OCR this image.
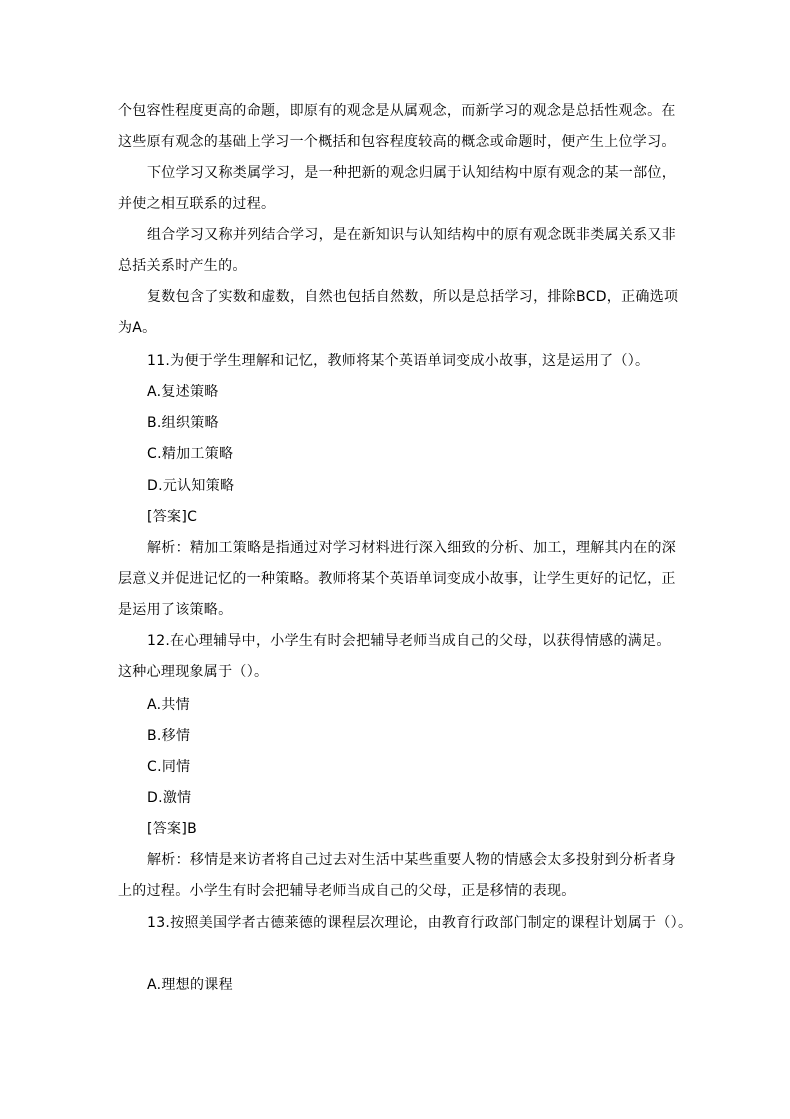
个包容性程度更高的命题，即原有的观念是从属观念，而新学习的观念是总括性观念。在
这些原有观念的基础上学习一个概括和包容程度较高的概念或命题时，便产生上位学习。
下位学习又称类属学习，是一种把新的观念归属于认知结构中原有观念的某一部位，
并使之相互联系的过程。
组合学习又称并列结合学习，是在新知识与认知结构中的原有观念既非类属关系又非
总括关系时产生的。
复数包含了实数和虚数，自然也包括自然数，所以是总括学习，排除BCD，正确选项
为A。
11.为便于学生理解和记忆，教师将某个英语单词变成小故事，这是运用了（）。
A.复述策略
B.组织策略
C.精加工策略
D.元认知策略
[答案]C
解析：精加工策略是指通过对学习材料进行深入细致的分析、加工，理解其内在的深
层意义并促进记忆的一种策略。教师将某个英语单词变成小故事，让学生更好的记忆，正
是运用了该策略。
12.在心理辅导中，小学生有时会把辅导老师当成自己的父母，以获得情感的满足。
这种心理现象属于（）。
A.共情
B.移情
C.同情
D.激情
[答案]B
解析：移情是来访者将自己过去对生活中某些重要人物的情感会太多投射到分析者身
上的过程。小学生有时会把辅导老师当成自己的父母，正是移情的表现。
13.按照美国学者古德莱德的课程层次理论，由教育行政部门制定的课程计划属于（）。
A.理想的课程
